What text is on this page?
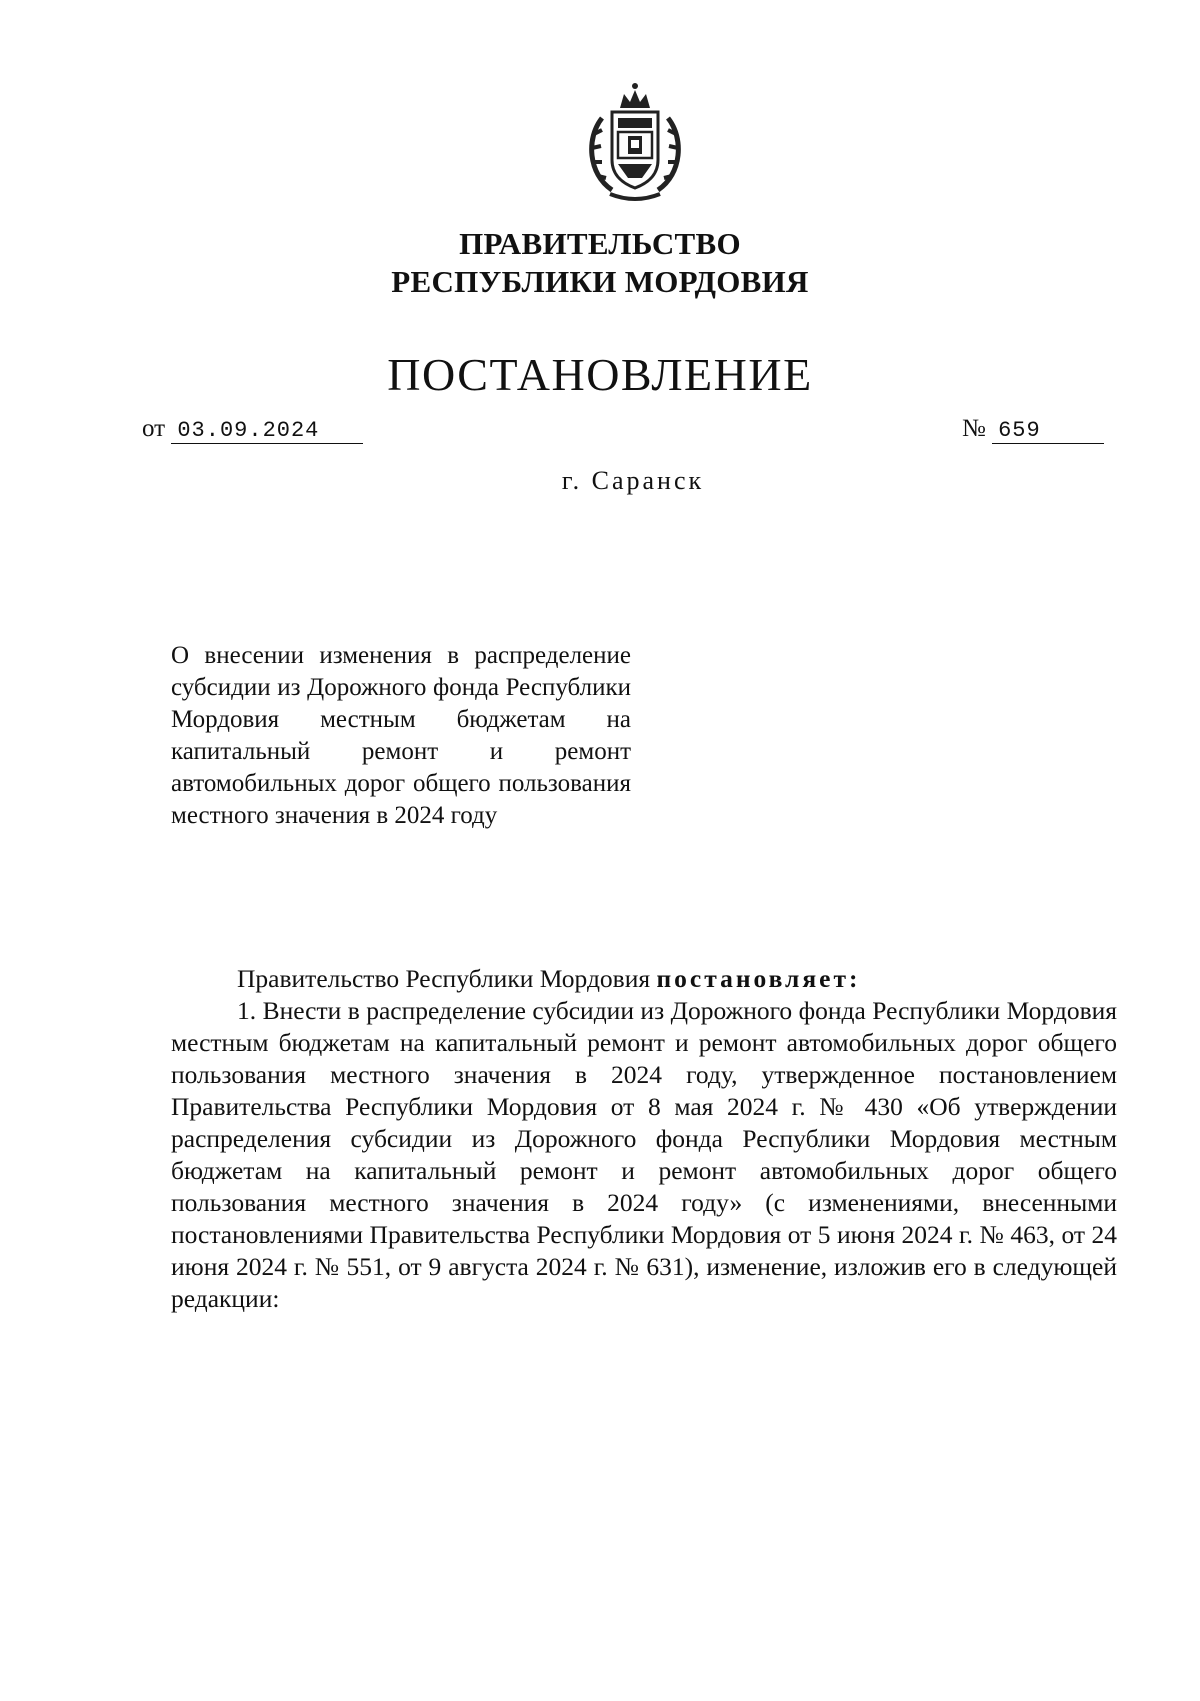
ПРАВИТЕЛЬСТВО
РЕСПУБЛИКИ МОРДОВИЯ
ПОСТАНОВЛЕНИЕ
от 03.09.2024	№ 659
г. Саранск
О внесении изменения в распределение субсидии из Дорожного фонда Республики Мордовия местным бюджетам на капитальный ремонт и ремонт автомобильных дорог общего пользования местного значения в 2024 году

Правительство Республики Мордовия постановляет:

1. Внести в распределение субсидии из Дорожного фонда Республики Мордовия местным бюджетам на капитальный ремонт и ремонт автомобильных дорог общего пользования местного значения в 2024 году, утвержденное постановлением Правительства Республики Мордовия от 8 мая 2024 г. № 430 «Об утверждении распределения субсидии из Дорожного фонда Республики Мордовия местным бюджетам на капитальный ремонт и ремонт автомобильных дорог общего пользования местного значения в 2024 году» (с изменениями, внесенными постановлениями Правительства Республики Мордовия от 5 июня 2024 г. № 463, от 24 июня 2024 г. № 551, от 9 августа 2024 г. № 631), изменение, изложив его в следующей редакции:
